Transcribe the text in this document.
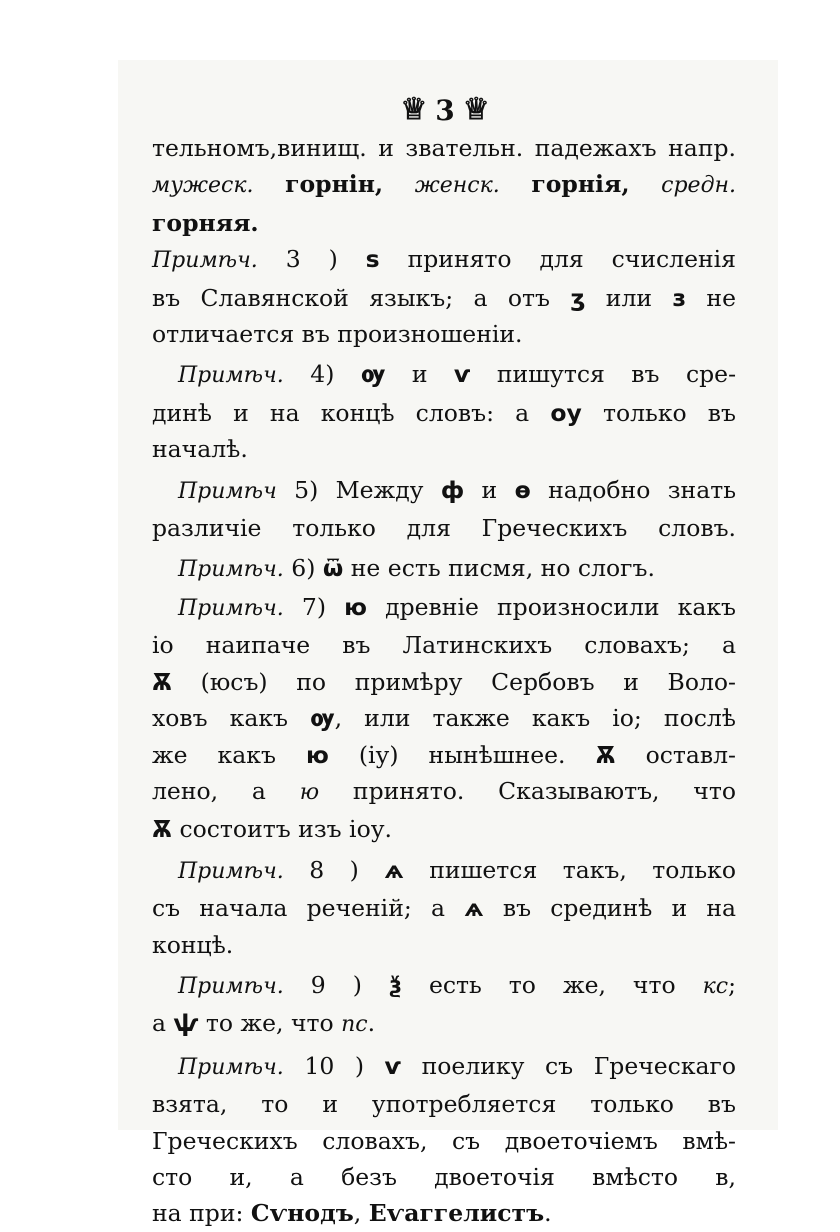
♕ 3 ♕
тельномъ,винищ. и звательн. падежахъ напр.
мужеск. горнін, женск. горнія, средн. горняя.
Примѣч. 3 ) s принято для счисленія
въ Славянской языкъ; а отъ ӡ или з не
отличается въ произношеніи.
Примѣч. 4) ѹ и ѵ пишутся въ сре-
динѣ и на концѣ словъ: а оу только въ
началѣ.
Примѣч 5) Между ф и ѳ надобно знать
различіе только для Греческихъ словъ.
Примѣч. 6) ѿ не есть писмя, но слогъ.
Примѣч. 7) ю древніе произносили какъ
іо наипаче въ Латинскихъ словахъ; а
Ѫ (юсъ) по примѣру Сербовъ и Воло-
ховъ какъ ѹ, или также какъ іо; послѣ
же какъ ю (іу) нынѣшнее. Ѫ оставл-
лено, а ю принято. Сказываютъ, что
Ѫ состоитъ изъ іоу.
Примѣч. 8 ) ѧ пишется такъ, только
съ начала реченій; а ѧ въ срединѣ и на
концѣ.
Примѣч. 9 ) ѯ есть то же, что кс;
а ѱ то же, что пс.
Примѣч. 10 ) ѵ поелику съ Греческаго
взята, то и употребляется только въ
Греческихъ словахъ, съ двоеточіемъ вмѣ-
сто и, а безъ двоеточія вмѣсто в,
на при: Сѵнодъ, Еѵаггелистъ.
